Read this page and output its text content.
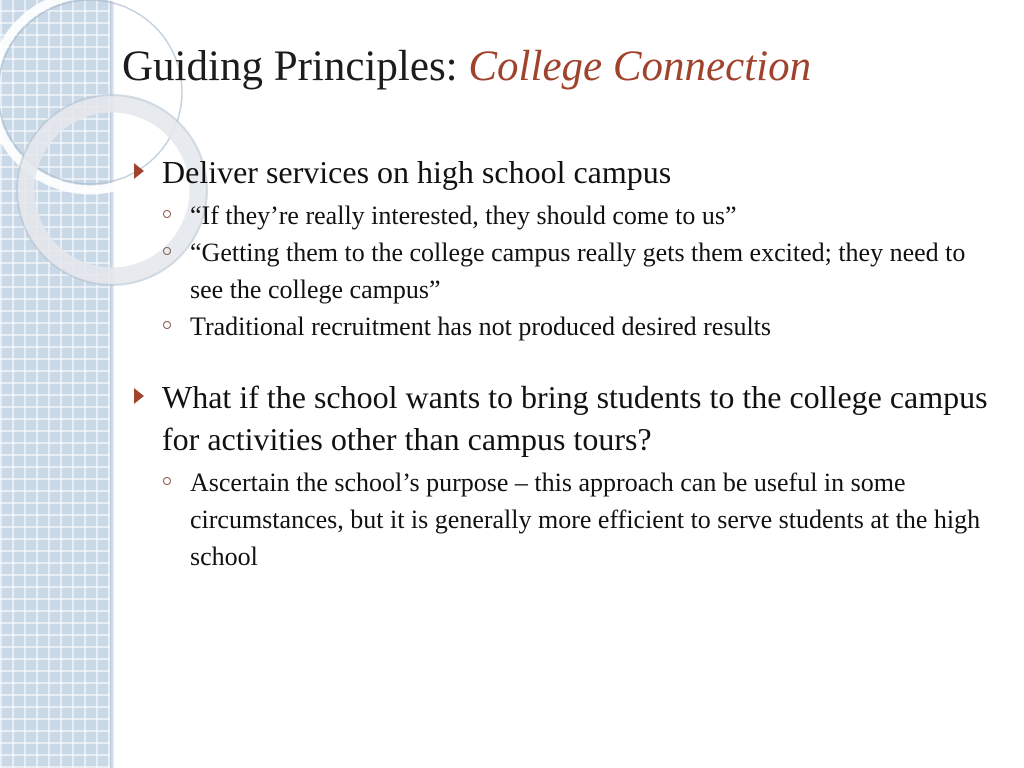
Guiding Principles: College Connection
Deliver services on high school campus
“If they’re really interested, they should come to us”
“Getting them to the college campus really gets them excited; they need to see the college campus”
Traditional recruitment has not produced desired results
What if the school wants to bring students to the college campus for activities other than campus tours?
Ascertain the school’s purpose – this approach can be useful in some circumstances, but it is generally more efficient to serve students at the high school
